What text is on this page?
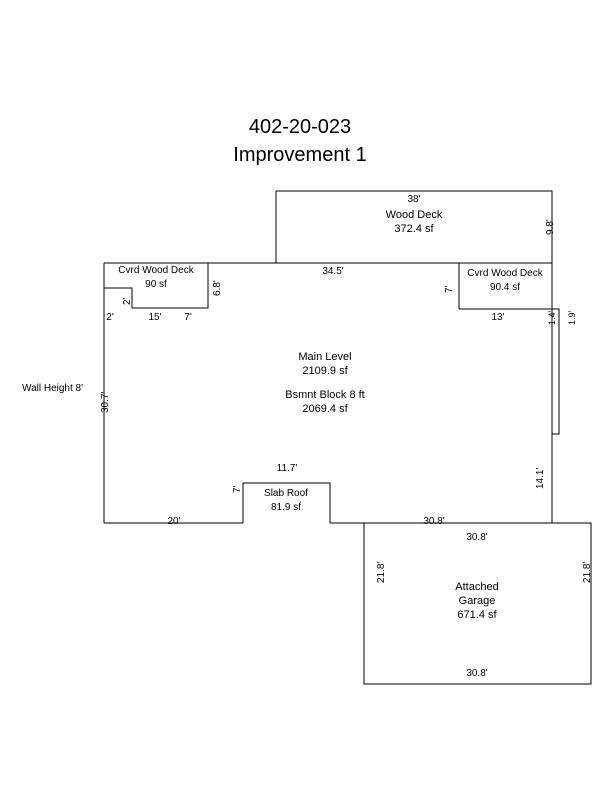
402-20-023
Improvement 1
Wood Deck
372.4 sf
Cvrd Wood Deck
90 sf
Cvrd Wood Deck
90.4 sf
Main Level
2109.9 sf
Bsmnt Block 8 ft
2069.4 sf
Slab Roof
81.9 sf
Attached
Garage
671.4 sf
Wall Height 8'
38'
9.8'
34.5'
6.8'
2'
2'	15' 7'
7'
13'	1.4' 1.9'
30.7'
14.1'
11.7'
7'
20'	30.8'
30.8'
21.8'	21.8'
30.8'
